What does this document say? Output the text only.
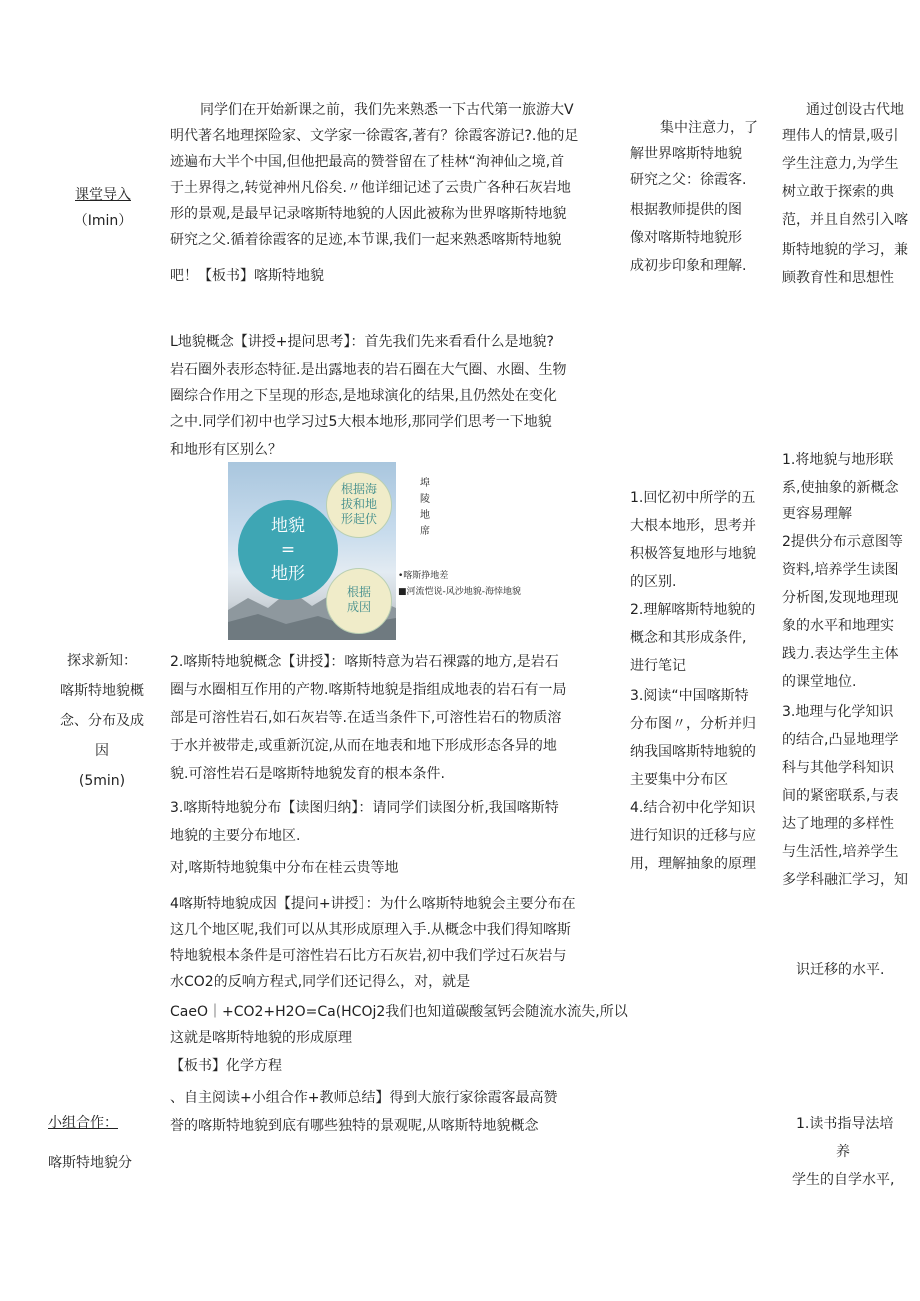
课堂导入
（Imin）
同学们在开始新课之前，我们先来熟悉一下古代第一旅游大V
明代著名地理探险家、文学家一徐霞客,著有？徐霞客游记?.他的足
迹遍布大半个中国,但他把最高的赞誉留在了桂林“洵神仙之境,首
于土界得之,转觉神州凡俗矣.〃他详细记述了云贵广各种石灰岩地
形的景观,是最早记录喀斯特地貌的人因此被称为世界喀斯特地貌
研究之父.循着徐霞客的足迹,本节课,我们一起来熟悉喀斯特地貌
吧！【板书】喀斯特地貌
集中注意力，了
解世界喀斯特地貌
研究之父：徐霞客.
根据教师提供的图
像对喀斯特地貌形
成初步印象和理解.
通过创设古代地
理伟人的情景,吸引
学生注意力,为学生
树立敢于探索的典
范，并且自然引入喀
斯特地貌的学习，兼
顾教育性和思想性
探求新知：
喀斯特地貌概
念、分布及成
因
(5min)
L地貌概念【讲授+提问思考】：首先我们先来看看什么是地貌?
岩石圈外表形态特征.是出露地表的岩石圈在大气圈、水圈、生物
圈综合作用之下呈现的形态,是地球演化的结果,且仍然处在变化
之中.同学们初中也学习过5大根本地形,那同学们思考一下地貌
和地形有区别么？
地貌
=
地形
根据海
拔和地
形起伏
根据
成因
埠
陵
地
席
•喀斯挣地差
■河流恺说-风沙地貌-海悻地貌
2.喀斯特地貌概念【讲授】：喀斯特意为岩石裸露的地方,是岩石
圈与水圈相互作用的产物.喀斯特地貌是指组成地表的岩石有一局
部是可溶性岩石,如石灰岩等.在适当条件下,可溶性岩石的物质溶
于水并被带走,或重新沉淀,从而在地表和地下形成形态各异的地
貌.可溶性岩石是喀斯特地貌发育的根本条件.
3.喀斯特地貌分布【读图归纳】：请同学们读图分析,我国喀斯特
地貌的主要分布地区.
对,喀斯特地貌集中分布在桂云贵等地
4喀斯特地貌成因【提问+讲授］：为什么喀斯特地貌会主要分布在
这几个地区呢,我们可以从其形成原理入手.从概念中我们得知喀斯
特地貌根本条件是可溶性岩石比方石灰岩,初中我们学过石灰岩与
水CO2的反响方程式,同学们还记得么，对，就是
CaeO｜+CO2+H2O=Ca(HCOj2我们也知道碳酸氢钙会随流水流失,所以
这就是喀斯特地貌的形成原理
【板书】化学方程
1.回忆初中所学的五
大根本地形，思考并
积极答复地形与地貌
的区别.
2.理解喀斯特地貌的
概念和其形成条件,
进行笔记
3.阅读“中国喀斯特
分布图〃，分析并归
纳我国喀斯特地貌的
主要集中分布区
4.结合初中化学知识
进行知识的迁移与应
用，理解抽象的原理
1.将地貌与地形联
系,使抽象的新概念
更容易理解
2提供分布示意图等
资料,培养学生读图
分析图,发现地理现
象的水平和地理实
践力.表达学生主体
的课堂地位.
3.地理与化学知识
的结合,凸显地理学
科与其他学科知识
间的紧密联系,与表
达了地理的多样性
与生活性,培养学生
多学科融汇学习，知
识迁移的水平.
小组合作：
喀斯特地貌分
、自主阅读+小组合作+教师总结】得到大旅行家徐霞客最高赞
誉的喀斯特地貌到底有哪些独特的景观呢,从喀斯特地貌概念	1.读书指导法培
养
学生的自学水平,
